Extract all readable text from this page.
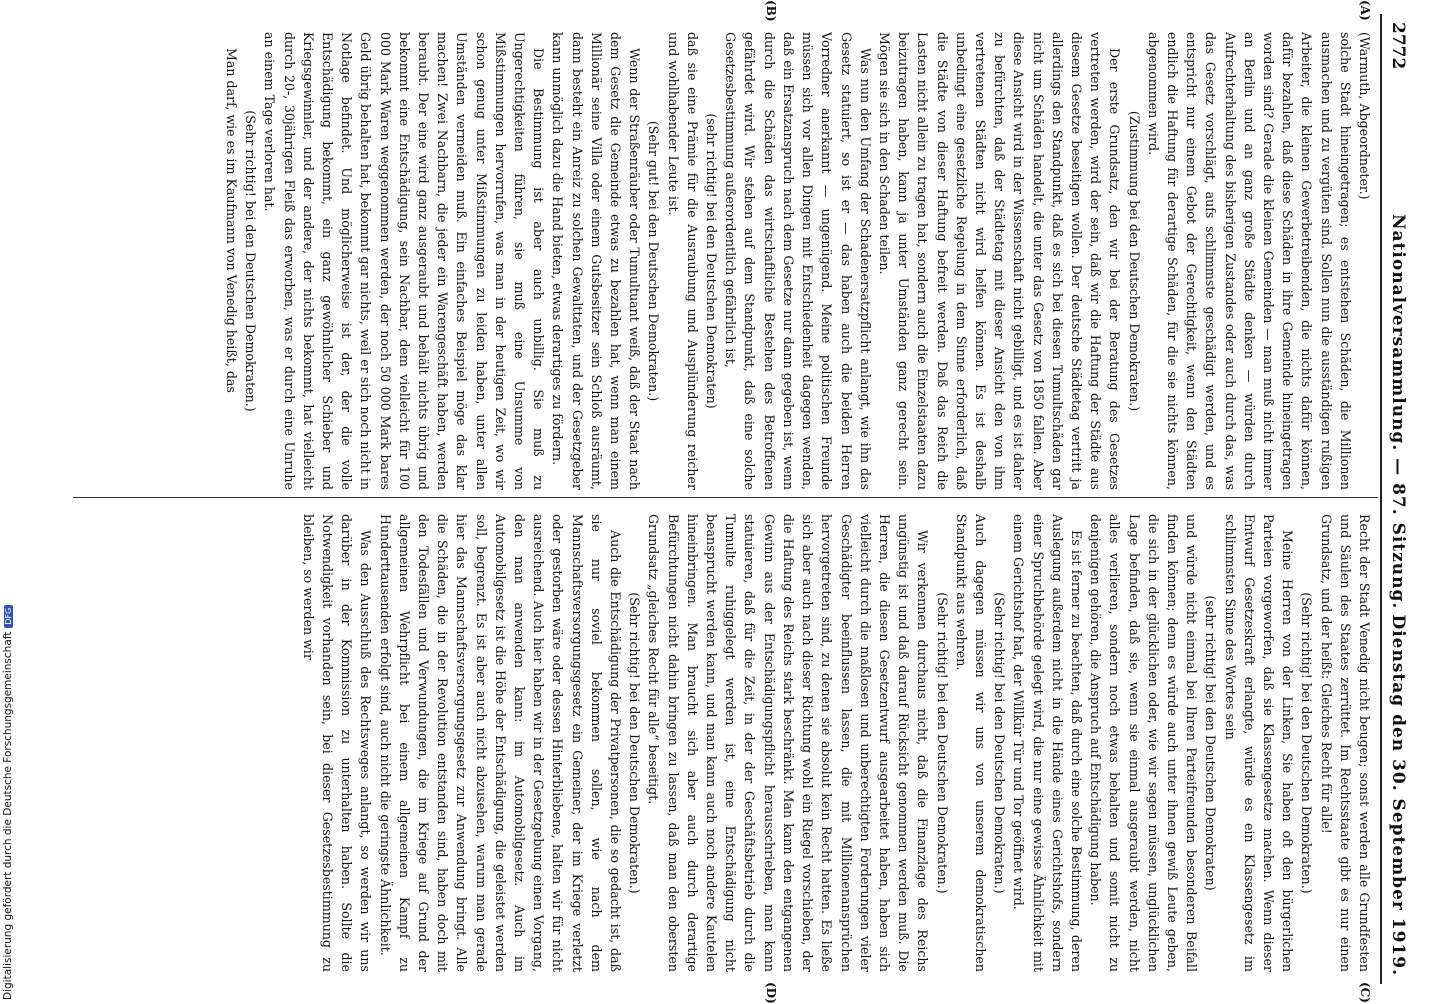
2772
Nationalversammlung. — 87. Sitzung.
Dienstag den 30. September 1919.
(A)
(B)
(C)
(D)

(Warmuth, Abgeordneter.)

solche Stadt hineingetragen; es entstehen Schäden, die Millionen ausmachen und zu vergüten sind. Sollen nun die ausständigen rußigen Arbeiter, die kleinen Gewerbetreibenden, die nichts dafür können, dafür bezahlen, daß diese Schäden in ihre Gemeinde hineingetragen worden sind? Gerade die kleinen Gemeinden — man muß nicht immer an Berlin und an ganz große Städte denken — würden durch Aufrechterhaltung des bisherigen Zustandes oder auch durch das, was das Gesetz vorschlägt, aufs schlimmste geschädigt werden, und es entspricht nur einem Gebot der Gerechtigkeit, wenn den Städten endlich die Haftung für derartige Schäden, für die sie nichts können, abgenommen wird.

(Zustimmung bei den Deutschen Demokraten.)

Der erste Grundsatz, den wir bei der Beratung des Gesetzes vertreten werden, wird der sein, daß wir die Haftung der Städte aus diesem Gesetze beseitigen wollen. Der deutsche Städtetag vertritt ja allerdings den Standpunkt, daß es sich bei diesen Tumultschäden gar nicht um Schäden handelt, die unter das Gesetz von 1850 fallen. Aber diese Ansicht wird in der Wissenschaft nicht gebilligt, und es ist daher zu befürchten, daß der Städtetag mit dieser Ansicht den von ihm vertretenen Städten nicht wird helfen können. Es ist deshalb unbedingt eine gesetzliche Regelung in dem Sinne erforderlich, daß die Städte von dieser Haftung befreit werden. Daß das Reich die Lasten nicht allein zu tragen hat, sondern auch die Einzelstaaten dazu beizutragen haben, kann ja unter Umständen ganz gerecht sein. Mögen sie sich in den Schaden teilen.

Was nun den Umfang der Schadenersatzpflicht anlangt, wie ihn das Gesetz statuiert, so ist er — das haben auch die beiden Herren Vorredner anerkannt — ungenügend. Meine politischen Freunde müssen sich vor allen Dingen mit Entschiedenheit dagegen wenden, daß ein Ersatzanspruch nach dem Gesetze nur dann gegeben ist, wenn durch die Schäden das wirtschaftliche Bestehen des Betroffenen gefährdet wird. Wir stehen auf dem Standpunkt, daß eine solche Gesetzesbestimmung außerordentlich gefährlich ist,

(sehr richtig! bei den Deutschen Demokraten)

daß sie eine Prämie für die Ausraubung und Ausplünderung reicher und wohlhabender Leute ist.

(Sehr gut! bei den Deutschen Demokraten.)

Wenn der Straßenräuber oder Tumultuant weiß, daß der Staat nach dem Gesetz die Gemeinde etwas zu bezahlen hat, wenn man einem Millionär seine Villa oder einem Gutsbesitzer sein Schloß ausräumt, dann besteht ein Anreiz zu solchen Gewalttaten, und der Gesetzgeber kann unmöglich dazu die Hand bieten, etwas derartiges zu fördern.

Die Bestimmung ist aber auch unbillig. Sie muß zu Ungerechtigkeiten führen, sie muß eine Unsumme von Mißstimmungen hervorrufen, was man in der heutigen Zeit, wo wir schon genug unter Mißstimmungen zu leiden haben, unter allen Umständen vermeiden muß. Ein einfaches Beispiel möge das klar machen! Zwei Nachbarn, die jeder ein Warengeschäft haben, werden beraubt. Der eine wird ganz ausgeraubt und behält nichts übrig und bekommt eine Entschädigung, sein Nachbar, dem vielleicht für 100 000 Mark Waren weggenommen werden, der noch 50 000 Mark bares Geld übrig behalten hat, bekommt gar nichts, weil er sich noch nicht in Notlage befindet. Und möglicherweise ist der, der die volle Entschädigung bekommt, ein ganz gewöhnlicher Schieber und Kriegsgewinnler, und der andere, der nichts bekommt, hat vielleicht durch 20-, 30jährigen Fleiß das erworben, was er durch eine Unruhe an einem Tage verloren hat.

(Sehr richtig! bei den Deutschen Demokraten.)

Man darf, wie es im Kaufmann von Venedig heißt, das

Recht der Stadt Venedig nicht beugen; sonst werden alle Grundfesten und Säulen des Staates zerrüttet. Im Rechtsstaate gibt es nur einen Grundsatz, und der heißt: Gleiches Recht für alle!

(Sehr richtig! bei den Deutschen Demokraten.)

Meine Herren von der Linken, Sie haben oft den bürgerlichen Parteien vorgeworfen, daß sie Klassengesetze machen. Wenn dieser Entwurf Gesetzeskraft erlangte, würde es ein Klassengesetz im schlimmsten Sinne des Wortes sein

(sehr richtig! bei den Deutschen Demokraten)

und würde nicht einmal bei Ihren Parteifreunden besonderen Beifall finden können; denn es würde auch unter ihnen gewiß Leute geben, die sich in der glücklichen oder, wie wir sagen müssen, unglücklichen Lage befinden, daß sie, wenn sie einmal ausgeraubt werden, nicht alles verlieren, sondern noch etwas behalten und somit nicht zu denjenigen gehören, die Anspruch auf Entschädigung haben.

Es ist ferner zu beachten, daß durch eine solche Bestimmung, deren Auslegung außerdem nicht in die Hände eines Gerichtshofs, sondern einer Spruchbehörde gelegt wird, die nur eine gewisse Ähnlichkeit mit einem Gerichtshof hat, der Willkür Tür und Tor geöffnet wird.

(Sehr richtig! bei den Deutschen Demokraten.)

Auch dagegen müssen wir uns von unserem demokratischen Standpunkt aus wehren.

(Sehr richtig! bei den Deutschen Demokraten.)

Wir verkennen durchaus nicht, daß die Finanzlage des Reichs ungünstig ist und daß darauf Rücksicht genommen werden muß. Die Herren, die diesen Gesetzentwurf ausgearbeitet haben, haben sich vielleicht durch die maßlosen und unberechtigten Forderungen vieler Geschädigter beeinflussen lassen, die mit Millionenansprüchen hervorgetreten sind, zu denen sie absolut kein Recht hatten. Es ließe sich aber auch nach dieser Richtung wohl ein Riegel vorschieben, der die Haftung des Reichs stark beschränkt. Man kann den entgangenen Gewinn aus der Entschädigungspflicht herausschrieben, man kann statuieren, daß für die Zeit, in der der Geschäftsbetrieb durch die Tumulte ruhiggelegt werden ist, eine Entschädigung nicht beansprucht werden kann, und man kann auch noch andere Kautelen hineinbringen. Man braucht sich aber auch durch derartige Befürchtungen nicht dahin bringen zu lassen, daß man den obersten Grundsatz „gleiches Recht für alle“ beseitigt.

(Sehr richtig! bei den Deutschen Demokraten.)

Auch die Entschädigung der Privatpersonen, die so gedacht ist, daß sie nur soviel bekommen sollen, wie nach dem Mannschaftsversorgungsgesetz ein Gemeiner, der im Kriege verletzt oder gestorben wäre oder dessen Hinterbliebene, halten wir für nicht ausreichend. Auch hier haben wir in der Gesetzgebung einen Vorgang, den man anwenden kann: im Automobilgesetz. Auch im Automobilgesetz ist die Höhe der Entschädigung, die geleistet werden soll, begrenzt. Es ist aber auch nicht abzusehen, warum man gerade hier das Mannschaftsversorgungsgesetz zur Anwendung bringt. Alle die Schäden, die in der Revolution entstanden sind, haben doch mit den Todesfällen und Verwundungen, die im Kriege auf Grund der allgemeinen Wehrpflicht bei einem allgemeinen Kampf zu Hunderttausenden erfolgt sind, auch nicht die geringste Ähnlichkeit.

Was den Ausschluß des Rechtsweges anlangt, so werden wir uns darüber in der Kommission zu unterhalten haben. Sollte die Notwendigkeit vorhanden sein, bei dieser Gesetzesbestimmung zu bleiben, so werden wir

Digitalisierung gefördert durch die Deutsche ForschungsgemeinschaftDFG
